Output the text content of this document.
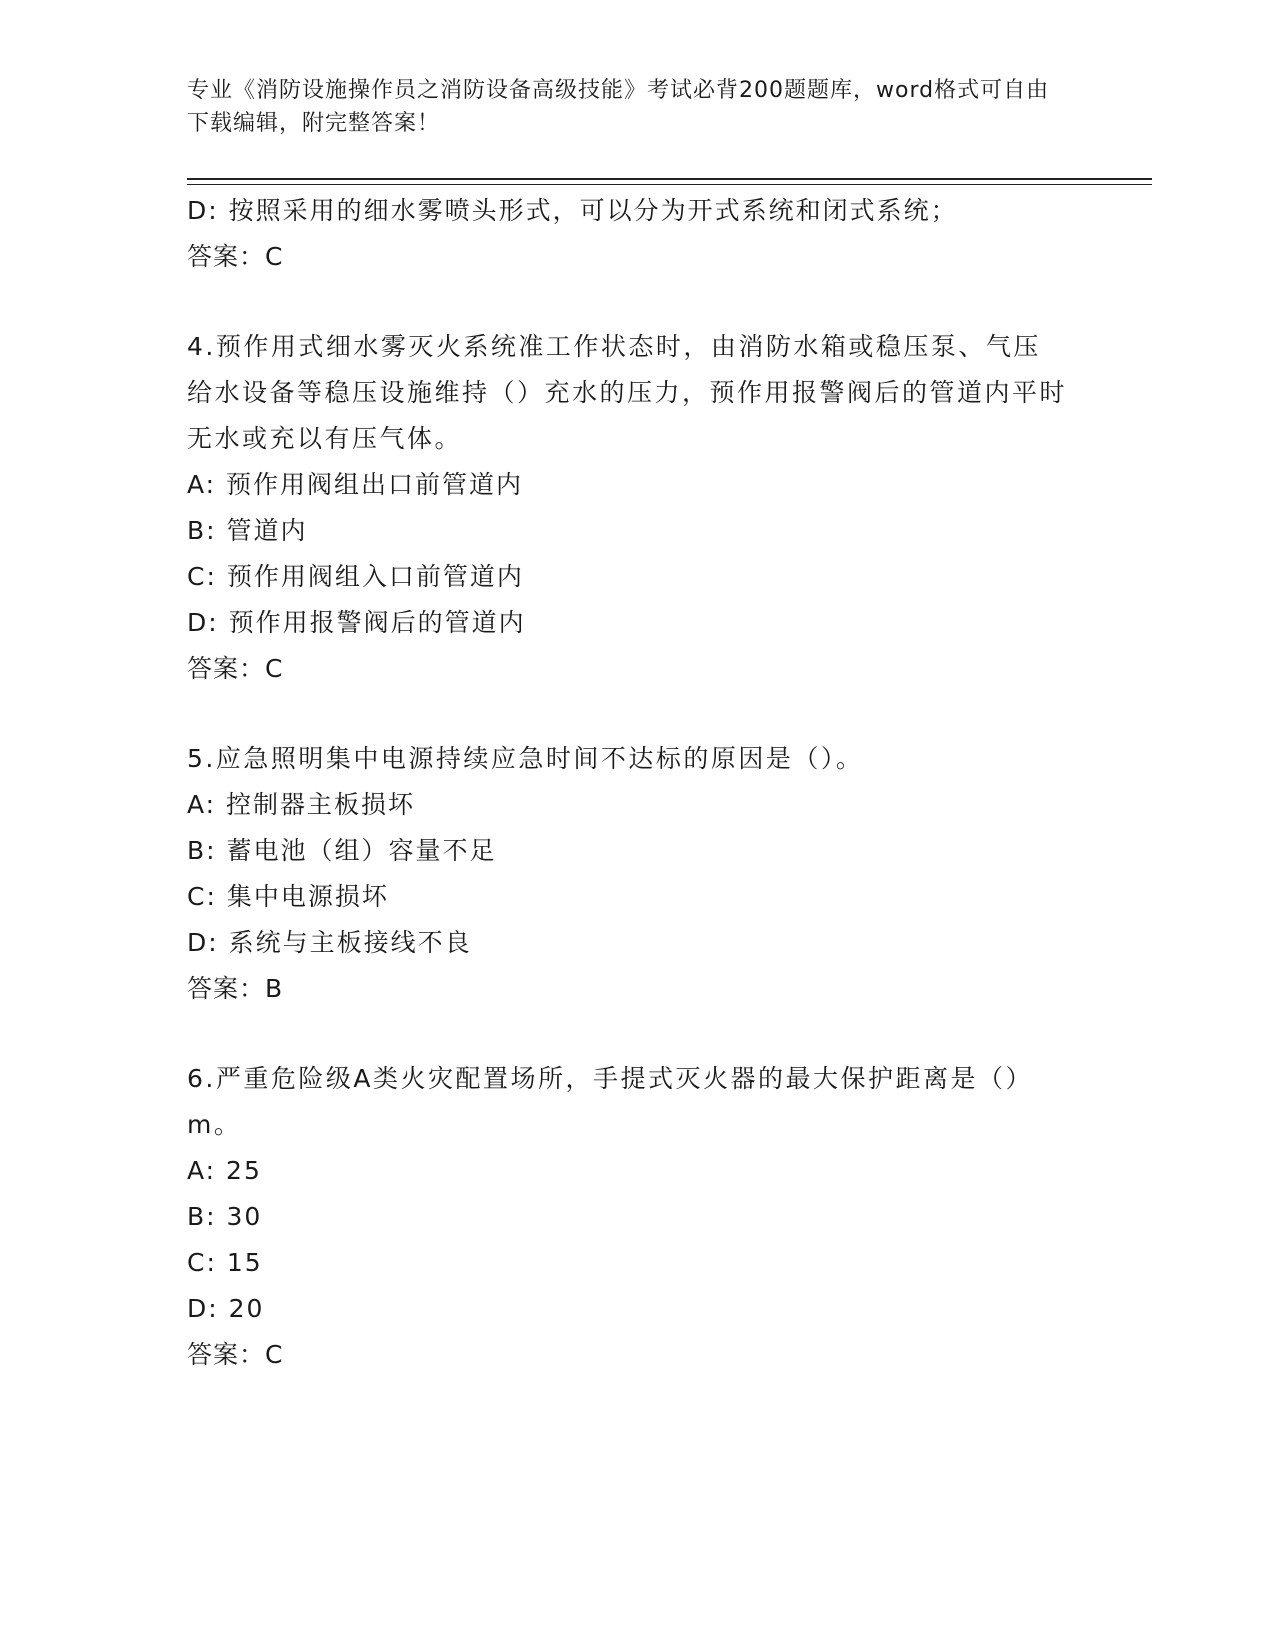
专业《消防设施操作员之消防设备高级技能》考试必背200题题库，word格式可自由下载编辑，附完整答案！
D: 按照采用的细水雾喷头形式，可以分为开式系统和闭式系统；
答案：C
4.预作用式细水雾灭火系统准工作状态时，由消防水箱或稳压泵、气压给水设备等稳压设施维持（）充水的压力，预作用报警阀后的管道内平时无水或充以有压气体。
A: 预作用阀组出口前管道内
B: 管道内
C: 预作用阀组入口前管道内
D: 预作用报警阀后的管道内
答案：C
5.应急照明集中电源持续应急时间不达标的原因是（）。
A: 控制器主板损坏
B: 蓄电池（组）容量不足
C: 集中电源损坏
D: 系统与主板接线不良
答案：B
6.严重危险级A类火灾配置场所，手提式灭火器的最大保护距离是（）m。
A: 25
B: 30
C: 15
D: 20
答案：C
